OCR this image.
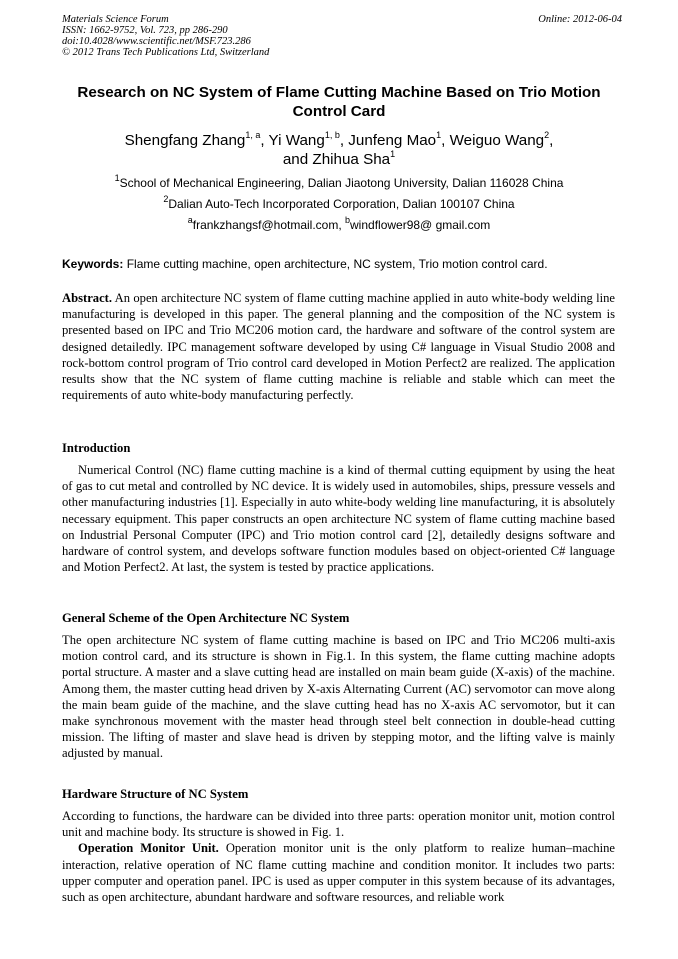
Materials Science Forum
ISSN: 1662-9752, Vol. 723, pp 286-290
doi:10.4028/www.scientific.net/MSF.723.286
© 2012 Trans Tech Publications Ltd, Switzerland
Online: 2012-06-04
Research on NC System of Flame Cutting Machine Based on Trio Motion Control Card
Shengfang Zhang$^{1, a}$, Yi Wang$^{1, b}$, Junfeng Mao$^1$, Weiguo Wang$^2$,
and Zhihua Sha$^1$
$^1$School of Mechanical Engineering, Dalian Jiaotong University, Dalian 116028 China
$^2$Dalian Auto-Tech Incorporated Corporation, Dalian 100107 China
$^a$frankzhangsf@hotmail.com, $^b$windflower98@ gmail.com
Keywords: Flame cutting machine, open architecture, NC system, Trio motion control card.

Abstract. An open architecture NC system of flame cutting machine applied in auto white-body welding line manufacturing is developed in this paper. The general planning and the composition of the NC system is presented based on IPC and Trio MC206 motion card, the hardware and software of the control system are designed detailedly. IPC management software developed by using C# language in Visual Studio 2008 and rock-bottom control program of Trio control card developed in Motion Perfect2 are realized. The application results show that the NC system of flame cutting machine is reliable and stable which can meet the requirements of auto white-body manufacturing perfectly.

Introduction

Numerical Control (NC) flame cutting machine is a kind of thermal cutting equipment by using the heat of gas to cut metal and controlled by NC device. It is widely used in automobiles, ships, pressure vessels and other manufacturing industries [1]. Especially in auto white-body welding line manufacturing, it is absolutely necessary equipment. This paper constructs an open architecture NC system of flame cutting machine based on Industrial Personal Computer (IPC) and Trio motion control card [2], detailedly designs software and hardware of control system, and develops software function modules based on object-oriented C# language and Motion Perfect2. At last, the system is tested by practice applications.

General Scheme of the Open Architecture NC System

The open architecture NC system of flame cutting machine is based on IPC and Trio MC206 multi-axis motion control card, and its structure is shown in Fig.1. In this system, the flame cutting machine adopts portal structure. A master and a slave cutting head are installed on main beam guide (X-axis) of the machine. Among them, the master cutting head driven by X-axis Alternating Current (AC) servomotor can move along the main beam guide of the machine, and the slave cutting head has no X-axis AC servomotor, but it can make synchronous movement with the master head through steel belt connection in double-head cutting mission. The lifting of master and slave head is driven by stepping motor, and the lifting valve is mainly adjusted by manual.

Hardware Structure of NC System

According to functions, the hardware can be divided into three parts: operation monitor unit, motion control unit and machine body. Its structure is showed in Fig. 1.

Operation Monitor Unit. Operation monitor unit is the only platform to realize human–machine interaction, relative operation of NC flame cutting machine and condition monitor. It includes two parts: upper computer and operation panel. IPC is used as upper computer in this system because of its advantages, such as open architecture, abundant hardware and software resources, and reliable work
